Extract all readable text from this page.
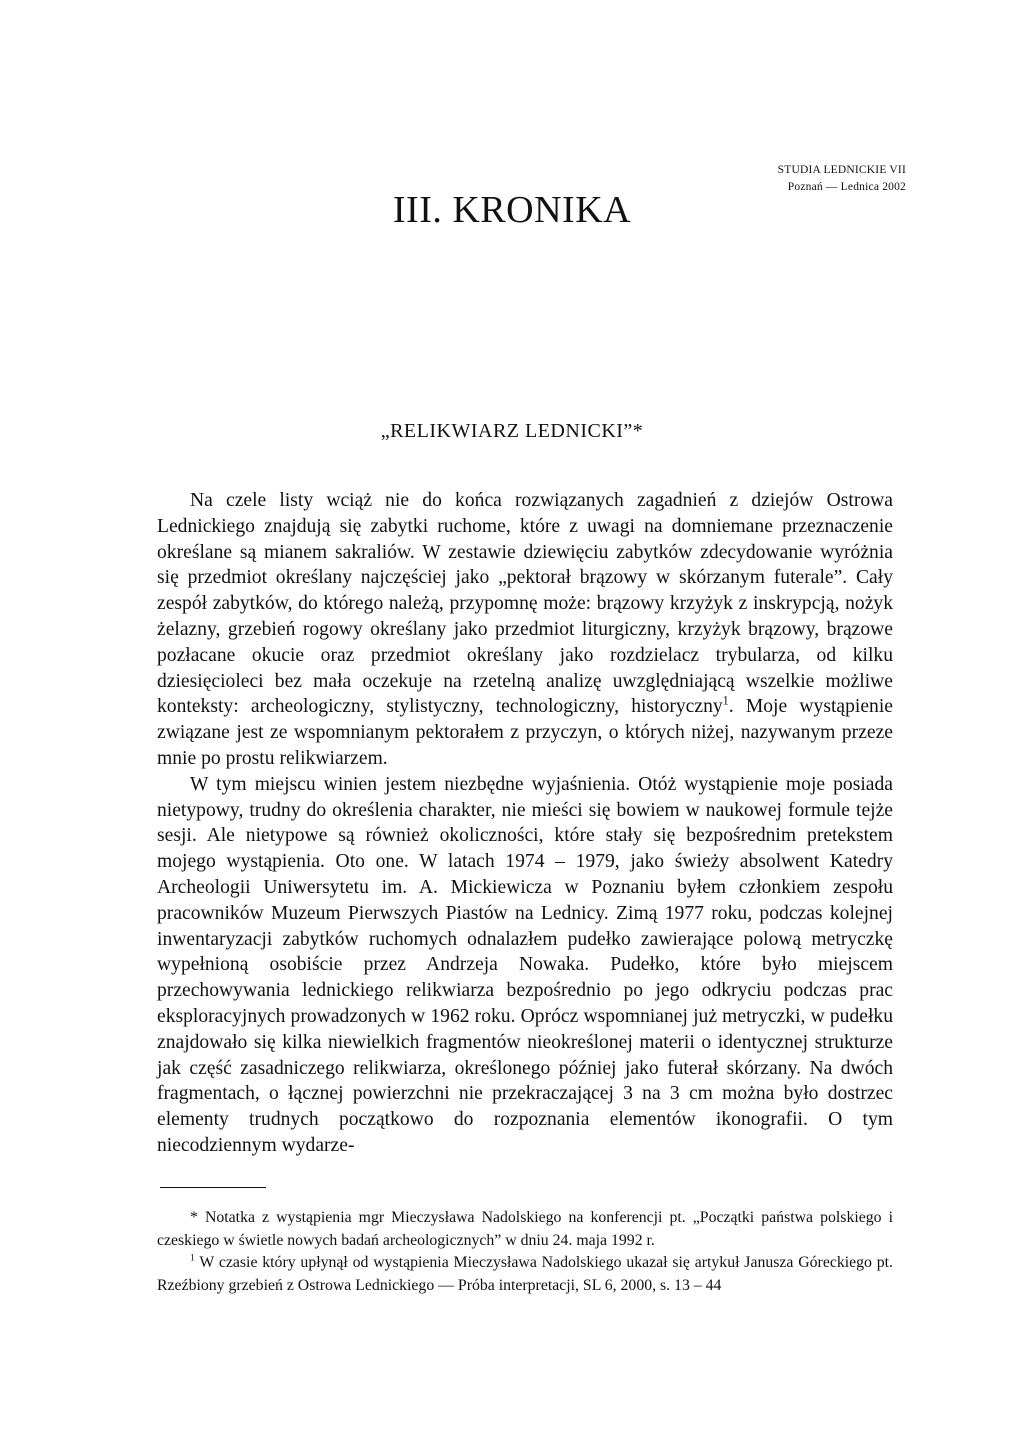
STUDIA LEDNICKIE VII
Poznań — Lednica 2002
III. KRONIKA
„RELIKWIARZ LEDNICKI”*

Na czele listy wciąż nie do końca rozwiązanych zagadnień z dziejów Ostrowa Lednickiego znajdują się zabytki ruchome, które z uwagi na domniemane przeznaczenie określane są mianem sakraliów. W zestawie dziewięciu zabytków zdecydowanie wyróżnia się przedmiot określany najczęściej jako „pektorał brązowy w skórzanym futerale”. Cały zespół zabytków, do którego należą, przypomnę może: brązowy krzyżyk z inskrypcją, nożyk żelazny, grzebień rogowy określany jako przedmiot liturgiczny, krzyżyk brązowy, brązowe pozłacane okucie oraz przedmiot określany jako rozdzielacz trybularza, od kilku dziesięcioleci bez mała oczekuje na rzetelną analizę uwzględniającą wszelkie możliwe konteksty: archeologiczny, stylistyczny, technologiczny, historyczny$^1$. Moje wystąpienie związane jest ze wspomnianym pektorałem z przyczyn, o których niżej, nazywanym przeze mnie po prostu relikwiarzem.

W tym miejscu winien jestem niezbędne wyjaśnienia. Otóż wystąpienie moje posiada nietypowy, trudny do określenia charakter, nie mieści się bowiem w naukowej formule tejże sesji. Ale nietypowe są również okoliczności, które stały się bezpośrednim pretekstem mojego wystąpienia. Oto one. W latach 1974 – 1979, jako świeży absolwent Katedry Archeologii Uniwersytetu im. A. Mickiewicza w Poznaniu byłem członkiem zespołu pracowników Muzeum Pierwszych Piastów na Lednicy. Zimą 1977 roku, podczas kolejnej inwentaryzacji zabytków ruchomych odnalazłem pudełko zawierające polową metryczkę wypełnioną osobiście przez Andrzeja Nowaka. Pudełko, które było miejscem przechowywania lednickiego relikwiarza bezpośrednio po jego odkryciu podczas prac eksploracyjnych prowadzonych w 1962 roku. Oprócz wspomnianej już metryczki, w pudełku znajdowało się kilka niewielkich fragmentów nieokreślonej materii o identycznej strukturze jak część zasadniczego relikwiarza, określonego później jako futerał skórzany. Na dwóch fragmentach, o łącznej powierzchni nie przekraczającej 3 na 3 cm można było dostrzec elementy trudnych początkowo do rozpoznania elementów ikonografii. O tym niecodziennym wydarze-

* Notatka z wystąpienia mgr Mieczysława Nadolskiego na konferencji pt. „Początki państwa polskiego i czeskiego w świetle nowych badań archeologicznych” w dniu 24. maja 1992 r.

$^1$ W czasie który upłynął od wystąpienia Mieczysława Nadolskiego ukazał się artykuł Janusza Góreckiego pt. Rzeźbiony grzebień z Ostrowa Lednickiego — Próba interpretacji, SL 6, 2000, s. 13 – 44
